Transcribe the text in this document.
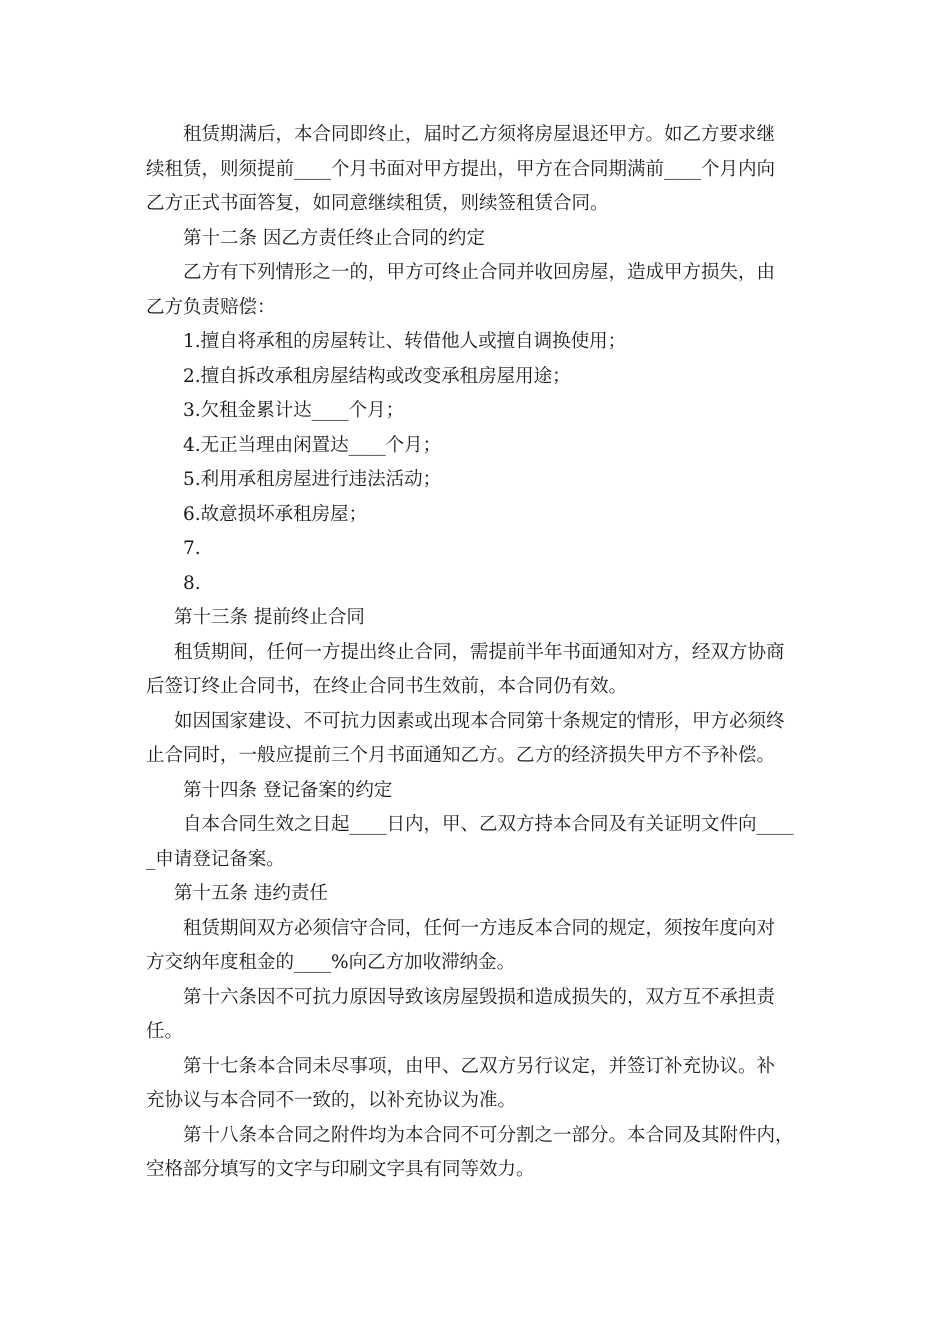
租赁期满后，本合同即终止，届时乙方须将房屋退还甲方。如乙方要求继
续租赁，则须提前____个月书面对甲方提出，甲方在合同期满前____个月内向
乙方正式书面答复，如同意继续租赁，则续签租赁合同。
第十二条 因乙方责任终止合同的约定
乙方有下列情形之一的，甲方可终止合同并收回房屋，造成甲方损失，由
乙方负责赔偿：
1.擅自将承租的房屋转让、转借他人或擅自调换使用；
2.擅自拆改承租房屋结构或改变承租房屋用途；
3.欠租金累计达____个月；
4.无正当理由闲置达____个月；
5.利用承租房屋进行违法活动；
6.故意损坏承租房屋；
7.
8.
第十三条 提前终止合同
租赁期间，任何一方提出终止合同，需提前半年书面通知对方，经双方协商
后签订终止合同书，在终止合同书生效前，本合同仍有效。
如因国家建设、不可抗力因素或出现本合同第十条规定的情形，甲方必须终
止合同时，一般应提前三个月书面通知乙方。乙方的经济损失甲方不予补偿。
第十四条 登记备案的约定
自本合同生效之日起____日内，甲、乙双方持本合同及有关证明文件向____
_申请登记备案。
第十五条 违约责任
租赁期间双方必须信守合同，任何一方违反本合同的规定，须按年度向对
方交纳年度租金的____%向乙方加收滞纳金。
第十六条因不可抗力原因导致该房屋毁损和造成损失的，双方互不承担责
任。
第十七条本合同未尽事项，由甲、乙双方另行议定，并签订补充协议。补
充协议与本合同不一致的，以补充协议为准。
第十八条本合同之附件均为本合同不可分割之一部分。本合同及其附件内，
空格部分填写的文字与印刷文字具有同等效力。
